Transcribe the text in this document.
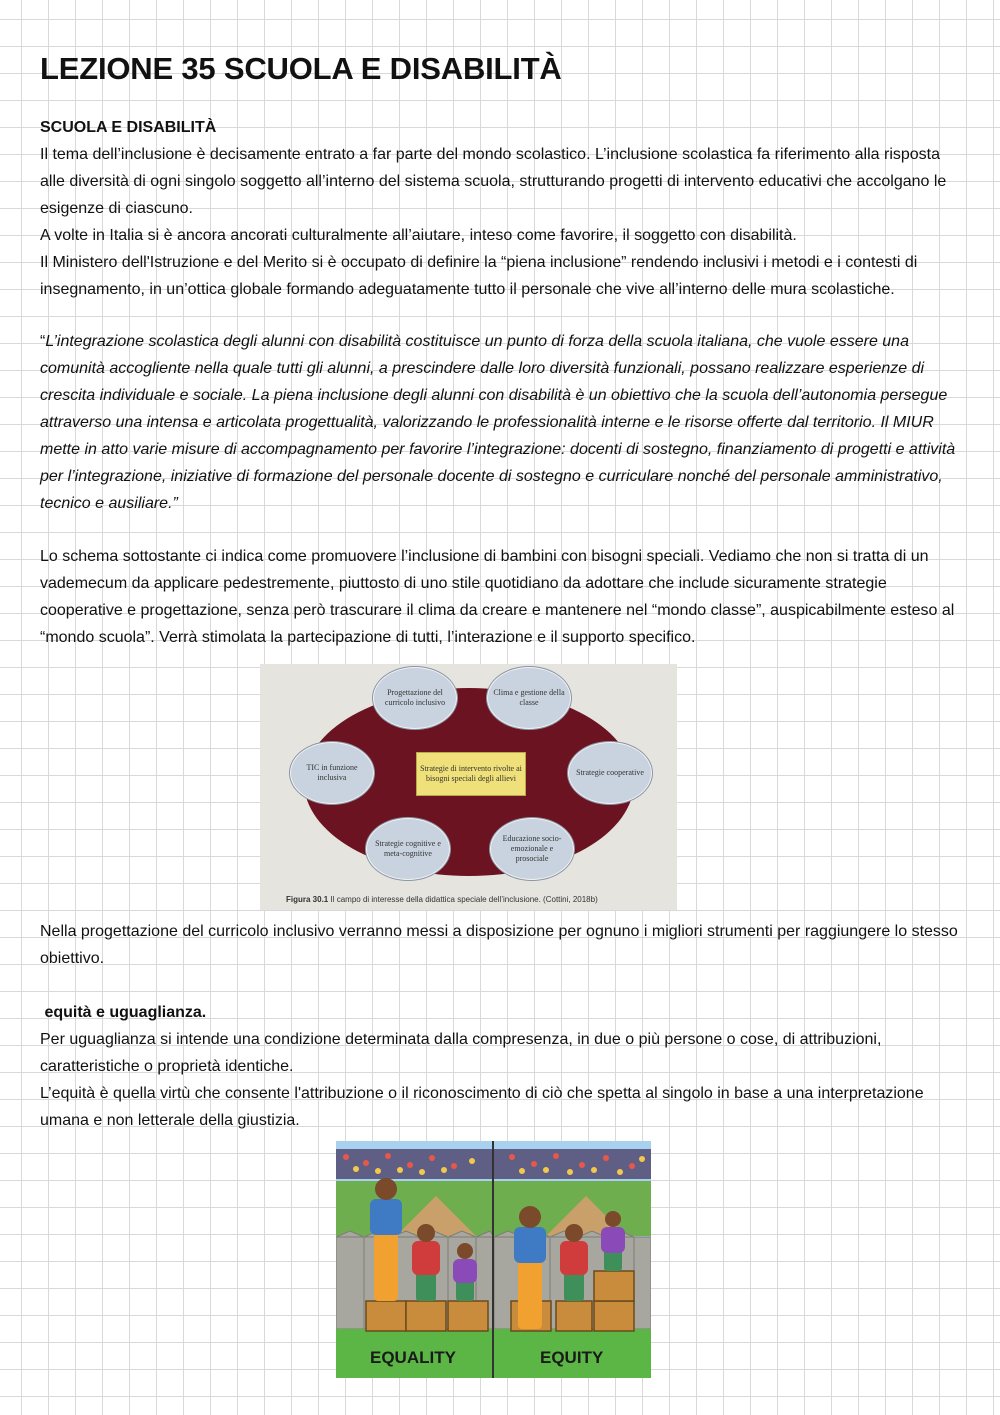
LEZIONE 35 SCUOLA E DISABILITÀ

SCUOLA E DISABILITÀ

Il tema dell’inclusione è decisamente entrato a far parte del mondo scolastico. L’inclusione scolastica fa riferimento alla risposta alle diversità di ogni singolo soggetto all’interno del sistema scuola, strutturando progetti di intervento educativi che accolgano le esigenze di ciascuno.

A volte in Italia si è ancora ancorati culturalmente all’aiutare, inteso come favorire, il soggetto con disabilità.

Il Ministero dell'Istruzione e del Merito si è occupato di definire la “piena inclusione” rendendo inclusivi i metodi e i contesti di insegnamento, in un’ottica globale formando adeguatamente tutto il personale che vive all’interno delle mura scolastiche.

“L’integrazione scolastica degli alunni con disabilità costituisce un punto di forza della scuola italiana, che vuole essere una comunità accogliente nella quale tutti gli alunni, a prescindere dalle loro diversità funzionali, possano realizzare esperienze di crescita individuale e sociale. La piena inclusione degli alunni con disabilità è un obiettivo che la scuola dell’autonomia persegue attraverso una intensa e articolata progettualità, valorizzando le professionalità interne e le risorse offerte dal territorio. Il MIUR mette in atto varie misure di accompagnamento per favorire l’integrazione: docenti di sostegno, finanziamento di progetti e attività per l’integrazione, iniziative di formazione del personale docente di sostegno e curriculare nonché del personale amministrativo, tecnico e ausiliare.”

Lo schema sottostante ci indica come promuovere l’inclusione di bambini con bisogni speciali. Vediamo che non si tratta di un vademecum da applicare pedestremente, piuttosto di uno stile quotidiano da adottare che include sicuramente strategie cooperative e progettazione, senza però trascurare il clima da creare e mantenere nel “mondo classe”, auspicabilmente esteso al “mondo scuola”. Verrà stimolata la partecipazione di tutti, l’interazione e il supporto specifico.

Progettazione del curricolo inclusivo
Clima e gestione della classe
TIC in funzione inclusiva
Strategie cooperative
Strategie cognitive e meta-cognitive
Educazione socio-emozionale e prosociale
Strategie di intervento rivolte ai bisogni speciali degli allievi
Figura 30.1 Il campo di interesse della didattica speciale dell’inclusione. (Cottini, 2018b)

Nella progettazione del curricolo inclusivo verranno messi a disposizione per ognuno i migliori strumenti per raggiungere lo stesso obiettivo.

equità e uguaglianza.

Per uguaglianza si intende una condizione determinata dalla compresenza, in due o più persone o cose, di attribuzioni, caratteristiche o proprietà identiche.

L’equità è quella virtù che consente l'attribuzione o il riconoscimento di ciò che spetta al singolo in base a una interpretazione umana e non letterale della giustizia.

EQUALITY	EQUITY
